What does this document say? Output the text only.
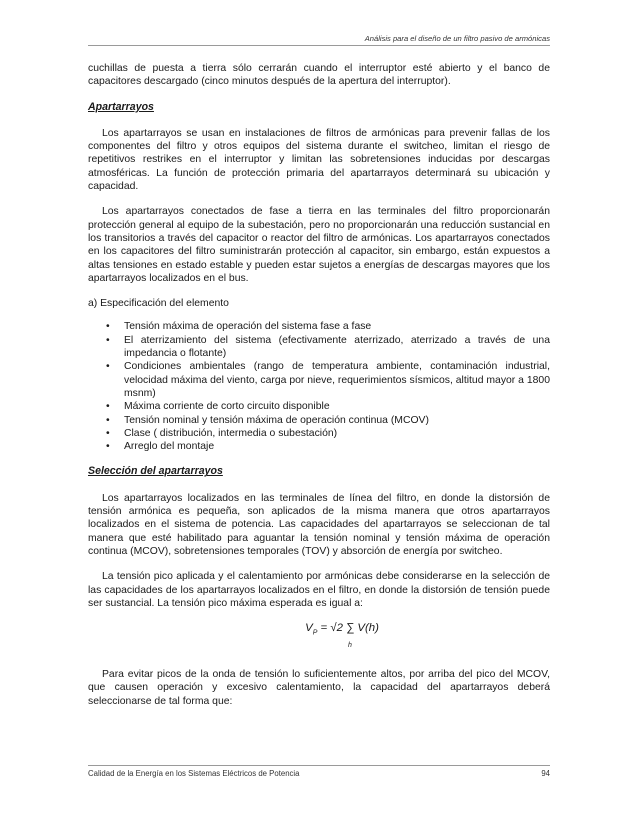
Análisis para el diseño de un filtro pasivo de armónicas

cuchillas de puesta a tierra sólo cerrarán cuando el interruptor esté abierto y el banco de capacitores descargado (cinco minutos después de la apertura del interruptor).

Apartarrayos

Los apartarrayos se usan en instalaciones de filtros de armónicas para prevenir fallas de los componentes del filtro y otros equipos del sistema durante el switcheo, limitan el riesgo de repetitivos restrikes en el interruptor y limitan las sobretensiones inducidas por descargas atmosféricas. La función de protección primaria del apartarrayos determinará su ubicación y capacidad.

Los apartarrayos conectados de fase a tierra en las terminales del filtro proporcionarán protección general al equipo de la subestación, pero no proporcionarán una reducción sustancial en los transitorios a través del capacitor o reactor del filtro de armónicas. Los apartarrayos conectados en los capacitores del filtro suministrarán protección al capacitor, sin embargo, están expuestos a altas tensiones en estado estable y pueden estar sujetos a energías de descargas mayores que los apartarrayos localizados en el bus.

a) Especificación del elemento

• Tensión máxima de operación del sistema fase a fase
• El aterrizamiento del sistema (efectivamente aterrizado, aterrizado a través de una impedancia o flotante)
• Condiciones ambientales (rango de temperatura ambiente, contaminación industrial, velocidad máxima del viento, carga por nieve, requerimientos sísmicos, altitud mayor a 1800 msnm)
• Máxima corriente de corto circuito disponible
• Tensión nominal y tensión máxima de operación continua (MCOV)
• Clase ( distribución, intermedia o subestación)
• Arreglo del montaje
Selección del apartarrayos

Los apartarrayos localizados en las terminales de línea del filtro, en donde la distorsión de tensión armónica es pequeña, son aplicados de la misma manera que otros apartarrayos localizados en el sistema de potencia. Las capacidades del apartarrayos se seleccionan de tal manera que esté habilitado para aguantar la tensión nominal y tensión máxima de operación continua (MCOV), sobretensiones temporales (TOV) y absorción de energía por switcheo.

La tensión pico aplicada y el calentamiento por armónicas debe considerarse en la selección de las capacidades de los apartarrayos localizados en el filtro, en donde la distorsión de tensión puede ser sustancial. La tensión pico máxima esperada es igual a:

$V_P = √2$ ∑ V(h)
h

Para evitar picos de la onda de tensión lo suficientemente altos, por arriba del pico del MCOV, que causen operación y excesivo calentamiento, la capacidad del apartarrayos deberá seleccionarse de tal forma que:

Calidad de la Energía en los Sistemas Eléctricos de Potencia	94
